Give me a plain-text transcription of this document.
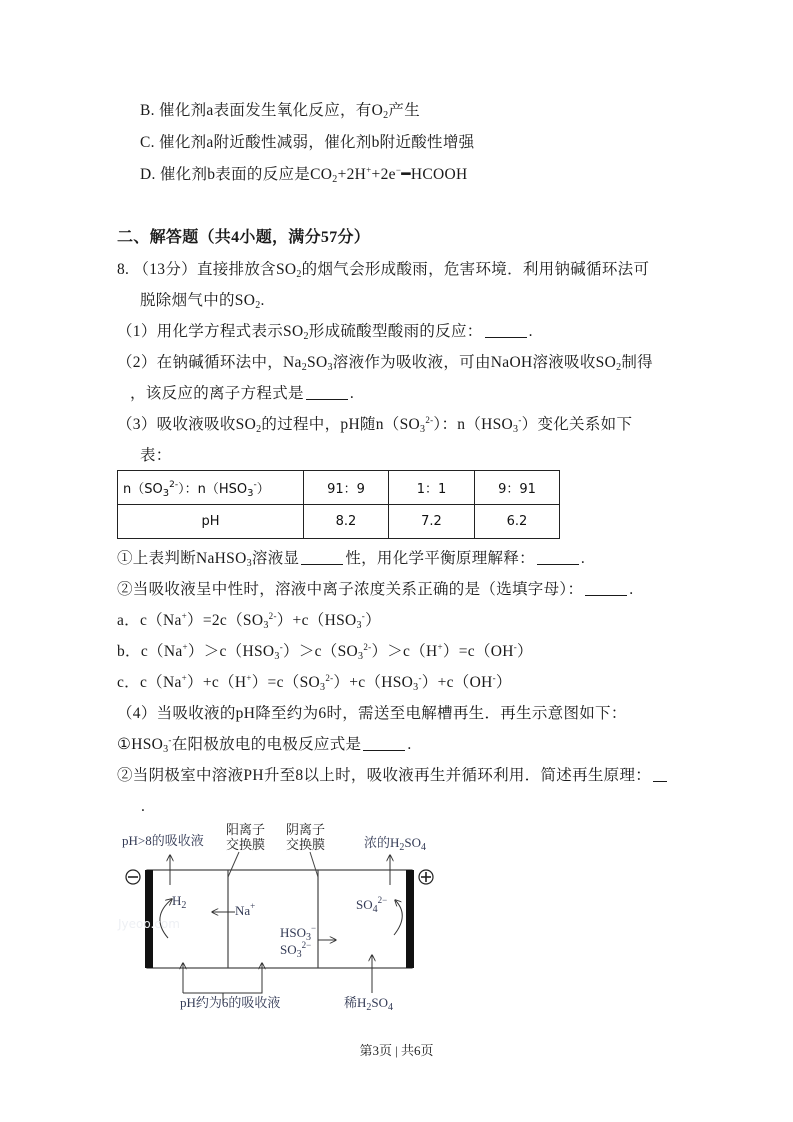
B. 催化剂a表面发生氧化反应，有$O_2$产生
C. 催化剂a附近酸性减弱，催化剂b附近酸性增强
D. 催化剂b表面的反应是$CO_2+2H^++2e^-━HCOOH$
二、解答题（共4小题，满分57分）
8. （13分）直接排放含$SO_2$的烟气会形成酸雨，危害环境．利用钠碱循环法可
脱除烟气中的$SO_2$.
（1）用化学方程式表示$SO_2$形成硫酸型酸雨的反应：	.
（2）在钠碱循环法中，$Na_2SO_3$溶液作为吸收液，可由NaOH溶液吸收$SO_2$制得
，该反应的离子方程式是	.
（3）吸收液吸收$SO_2$的过程中，pH随$n(SO_3^{2-})$：$n(HSO_3^-)$变化关系如下
表：
$n(SO_3^{2-})$：$n(HSO_3^-)$	91：9	1：1	9：91
pH	8.2	7.2	6.2
①上表判断NaHSO$_3$溶液显	性，用化学平衡原理解释：	.
②当吸收液呈中性时，溶液中离子浓度关系正确的是（选填字母）：	.
a．$c(Na^+)=2c(SO_3^{2-})+c(HSO_3^-)$
b．$c(Na^+)>c(HSO_3^-)>c(SO_3^{2-})>c(H^+)=c(OH^-)$
c．$c(Na^+)+c(H^+)=c(SO_3^{2-})+c(HSO_3^-)+c(OH^-)$
（4）当吸收液的pH降至约为6时，需送至电解槽再生．再生示意图如下：
$①HSO_3^-$在阳极放电的电极反应式是	.
②当阴极室中溶液PH升至8以上时，吸收液再生并循环利用．简述再生原理：
.
pH>8的吸收液
阳离子
交换膜
阴离子
交换膜	浓的$H_2SO_4$
$H_2$	Na+
$HSO_3^-$
$SO_3^{2-}$
$SO_4^{2-}$
Jyeoo.com
pH约为6的吸收液	稀$H_2SO_4$
第3页 | 共6页
